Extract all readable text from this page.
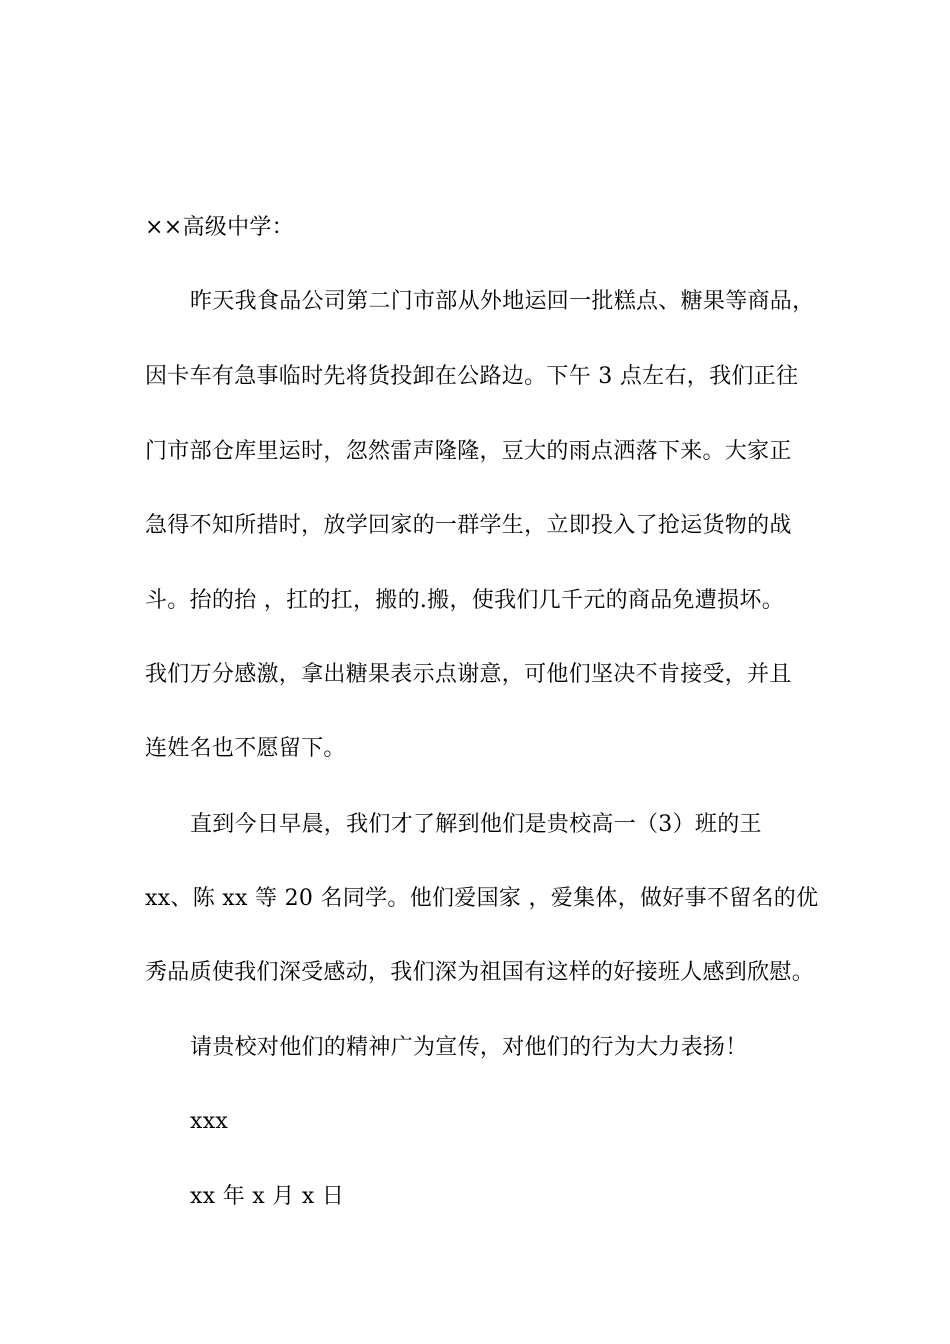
××高级中学：
昨天我食品公司第二门市部从外地运回一批糕点、糖果等商品，
因卡车有急事临时先将货投卸在公路边。下午 3 点左右，我们正往
门市部仓库里运时，忽然雷声隆隆，豆大的雨点洒落下来。大家正
急得不知所措时，放学回家的一群学生，立即投入了抢运货物的战
斗。抬的抬 ，扛的扛，搬的.搬，使我们几千元的商品免遭损坏。
我们万分感激，拿出糖果表示点谢意，可他们坚决不肯接受，并且
连姓名也不愿留下。
直到今日早晨，我们才了解到他们是贵校高一（3）班的王
xx、陈 xx 等 20 名同学。他们爱国家 ，爱集体，做好事不留名的优
秀品质使我们深受感动，我们深为祖国有这样的好接班人感到欣慰。
请贵校对他们的精神广为宣传，对他们的行为大力表扬！
xxx
xx 年 x 月 x 日
